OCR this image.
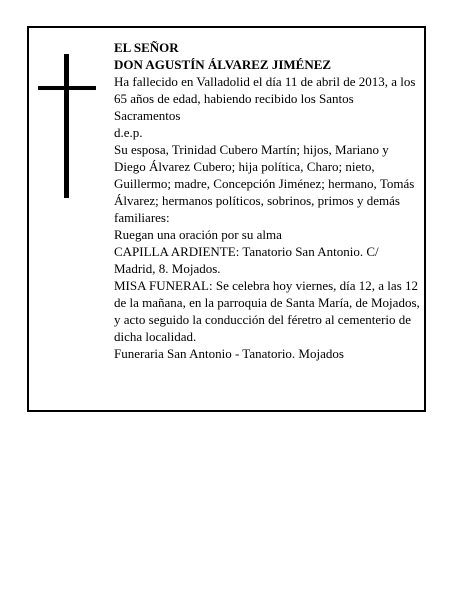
EL SEÑOR

DON AGUSTÍN ÁLVAREZ JIMÉNEZ

Ha fallecido en Valladolid el día 11 de abril de 2013, a los 65 años de edad, habiendo recibido los Santos Sacramentos

d.e.p.

Su esposa, Trinidad Cubero Martín; hijos, Mariano y Diego Álvarez Cubero; hija política, Charo; nieto, Guillermo; madre, Concepción Jiménez; hermano, Tomás Álvarez; hermanos políticos, sobrinos, primos y demás familiares:

Ruegan una oración por su alma

CAPILLA ARDIENTE: Tanatorio San Antonio. C/ Madrid, 8. Mojados.

MISA FUNERAL: Se celebra hoy viernes, día 12, a las 12 de la mañana, en la parroquia de Santa María, de Mojados, y acto seguido la conducción del féretro al cementerio de dicha localidad.

Funeraria San Antonio - Tanatorio. Mojados
